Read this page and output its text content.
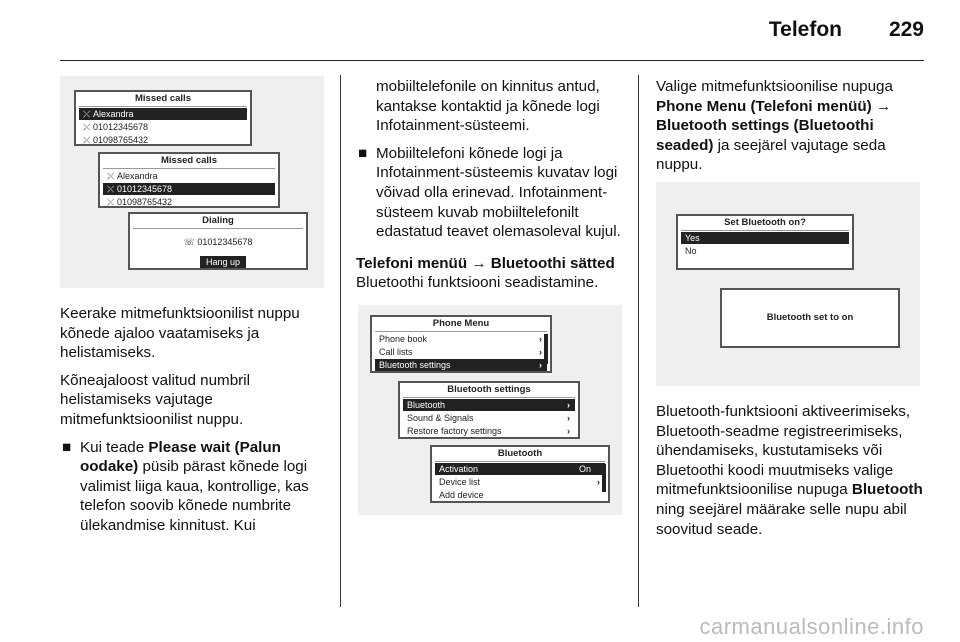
Telefon 229
Missed calls
⤬ Alexandra
⤬ 01012345678
⤬ 01098765432
Missed calls
⤬ Alexandra
⤬ 01012345678
⤬ 01098765432
Dialing
☏ 01012345678
Hang up

Keerake mitmefunktsioonilist nuppu kõnede ajaloo vaatamiseks ja helistamiseks.

Kõneajaloost valitud numbril helistamiseks vajutage mitmefunktsioonilist nuppu.

■ Kui teade Please wait (Palun oodake) püsib pärast kõnede logi valimist liiga kaua, kontrollige, kas telefon soovib kõnede numbrite ülekandmise kinnitust. Kui
mobiiltelefonile on kinnitus antud, kantakse kontaktid ja kõnede logi Infotainment-süsteemi.
■ Mobiiltelefoni kõnede logi ja Infotainment-süsteemis kuvatav logi võivad olla erinevad. Infotainment-süsteem kuvab mobiiltelefonilt edastatud teavet olemasoleval kujul.
Telefoni menüü → Bluetoothi sätted
Bluetoothi funktsiooni seadistamine.
Phone Menu
Phone book	›
Call lists	›
Bluetooth settings	›
Bluetooth settings
Bluetooth	›
Sound & Signals	›
Restore factory settings	›
Bluetooth
Activation	On
Device list	›
Add device

Valige mitmefunktsioonilise nupuga Phone Menu (Telefoni menüü) → Bluetooth settings (Bluetoothi seaded) ja seejärel vajutage seda nuppu.

Set Bluetooth on?
Yes
No
Bluetooth set to on

Bluetooth-funktsiooni aktiveerimiseks, Bluetooth-seadme registreerimiseks, ühendamiseks, kustutamiseks või Bluetoothi koodi muutmiseks valige mitmefunktsioonilise nupuga Bluetooth ning seejärel määrake selle nupu abil soovitud seade.

carmanualsonline.info
